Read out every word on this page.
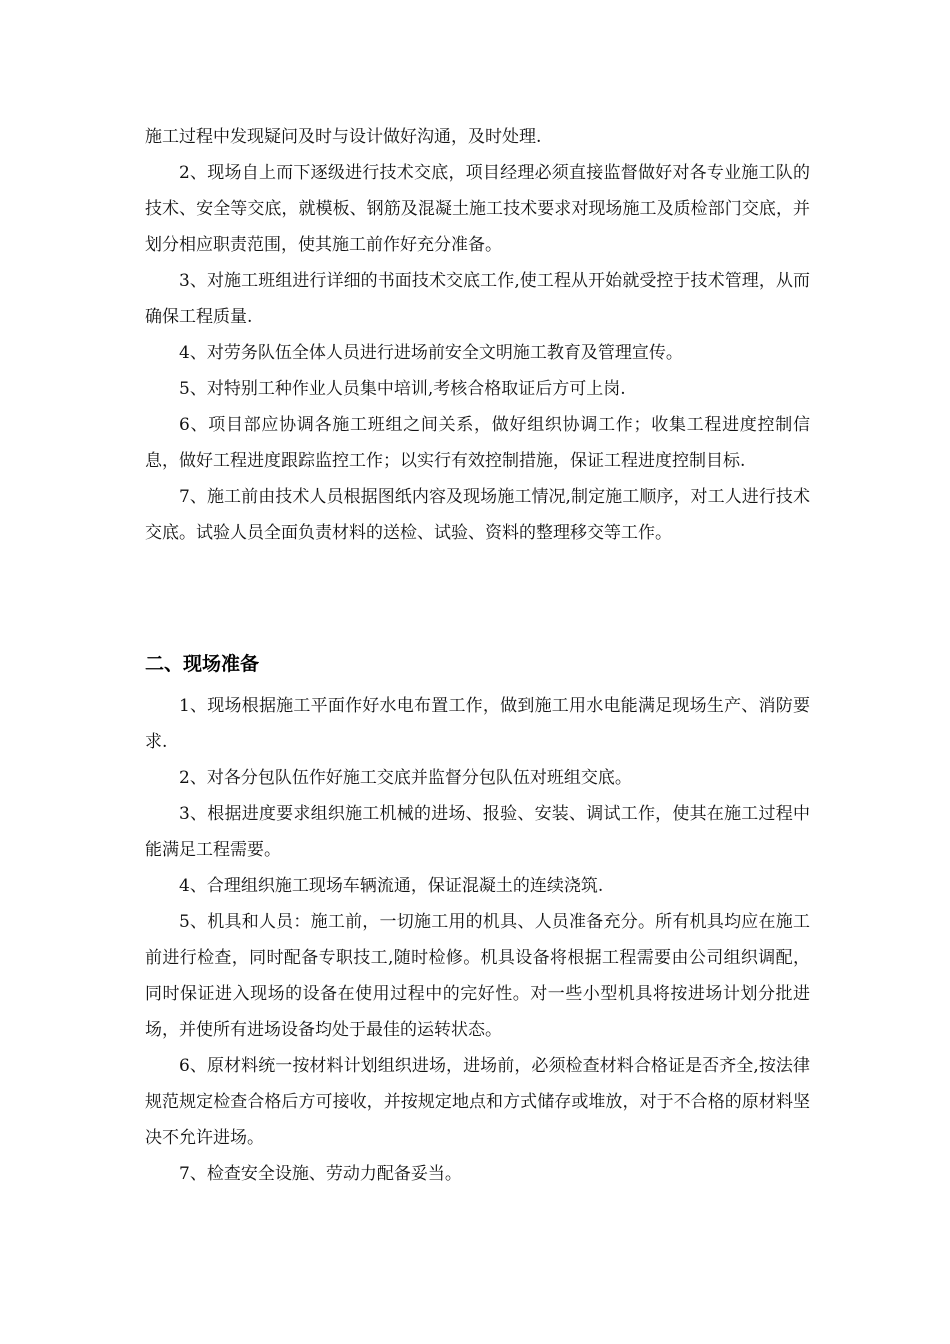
施工过程中发现疑问及时与设计做好沟通，及时处理.

2、现场自上而下逐级进行技术交底，项目经理必须直接监督做好对各专业施工队的技术、安全等交底，就模板、钢筋及混凝土施工技术要求对现场施工及质检部门交底，并划分相应职责范围，使其施工前作好充分准备。

3、对施工班组进行详细的书面技术交底工作,使工程从开始就受控于技术管理，从而确保工程质量.

4、对劳务队伍全体人员进行进场前安全文明施工教育及管理宣传。

5、对特别工种作业人员集中培训,考核合格取证后方可上岗.

6、项目部应协调各施工班组之间关系，做好组织协调工作；收集工程进度控制信息，做好工程进度跟踪监控工作；以实行有效控制措施，保证工程进度控制目标.

7、施工前由技术人员根据图纸内容及现场施工情况,制定施工顺序，对工人进行技术交底。试验人员全面负责材料的送检、试验、资料的整理移交等工作。

二、现场准备

1、现场根据施工平面作好水电布置工作，做到施工用水电能满足现场生产、消防要求.

2、对各分包队伍作好施工交底并监督分包队伍对班组交底。

3、根据进度要求组织施工机械的进场、报验、安装、调试工作，使其在施工过程中能满足工程需要。

4、合理组织施工现场车辆流通，保证混凝土的连续浇筑.

5、机具和人员：施工前，一切施工用的机具、人员准备充分。所有机具均应在施工前进行检查，同时配备专职技工,随时检修。机具设备将根据工程需要由公司组织调配，同时保证进入现场的设备在使用过程中的完好性。对一些小型机具将按进场计划分批进场，并使所有进场设备均处于最佳的运转状态。

6、原材料统一按材料计划组织进场，进场前，必须检查材料合格证是否齐全,按法律规范规定检查合格后方可接收，并按规定地点和方式储存或堆放，对于不合格的原材料坚决不允许进场。

7、检查安全设施、劳动力配备妥当。
